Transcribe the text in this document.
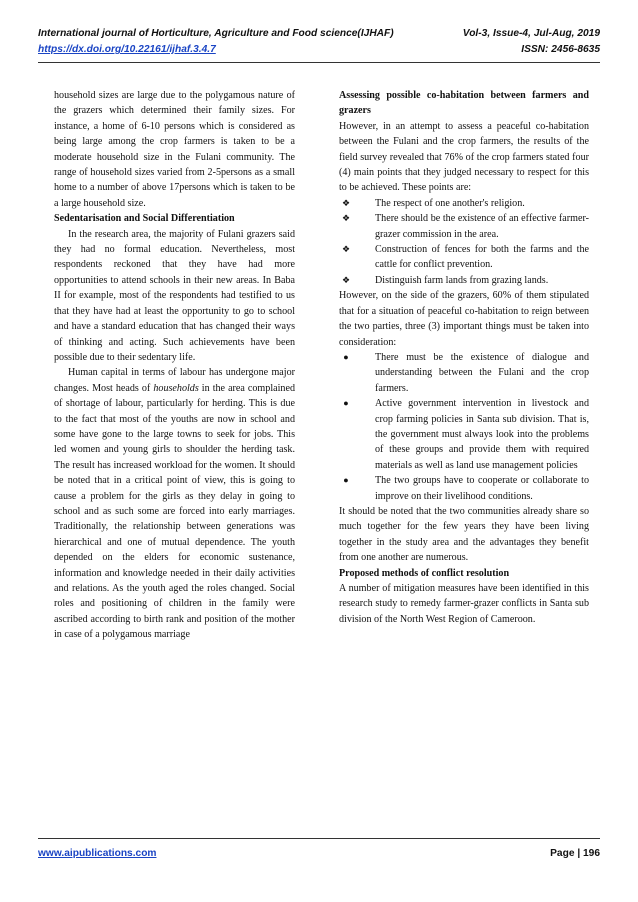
International journal of Horticulture, Agriculture and Food science(IJHAF)	Vol-3, Issue-4, Jul-Aug, 2019
https://dx.doi.org/10.22161/ijhaf.3.4.7	ISSN: 2456-8635

household sizes are large due to the polygamous nature of the grazers which determined their family sizes. For instance, a home of 6-10 persons which is considered as being large among the crop farmers is taken to be a moderate household size in the Fulani community. The range of household sizes varied from 2-5persons as a small home to a number of above 17persons which is taken to be a large household size.

Sedentarisation and Social Differentiation

In the research area, the majority of Fulani grazers said they had no formal education. Nevertheless, most respondents reckoned that they have had more opportunities to attend schools in their new areas. In Baba II for example, most of the respondents had testified to us that they have had at least the opportunity to go to school and have a standard education that has changed their ways of thinking and acting. Such achievements have been possible due to their sedentary life.

Human capital in terms of labour has undergone major changes. Most heads of households in the area complained of shortage of labour, particularly for herding. This is due to the fact that most of the youths are now in school and some have gone to the large towns to seek for jobs. This led women and young girls to shoulder the herding task. The result has increased workload for the women. It should be noted that in a critical point of view, this is going to cause a problem for the girls as they delay in going to school and as such some are forced into early marriages. Traditionally, the relationship between generations was hierarchical and one of mutual dependence. The youth depended on the elders for economic sustenance, information and knowledge needed in their daily activities and relations. As the youth aged the roles changed. Social roles and positioning of children in the family were ascribed according to birth rank and position of the mother in case of a polygamous marriage

Assessing possible co-habitation between farmers and grazers

However, in an attempt to assess a peaceful co-habitation between the Fulani and the crop farmers, the results of the field survey revealed that 76% of the crop farmers stated four (4) main points that they judged necessary to respect for this to be achieved. These points are:

❖ The respect of one another's religion.
❖ There should be the existence of an effective farmer-grazer commission in the area.
❖ Construction of fences for both the farms and the cattle for conflict prevention.
❖ Distinguish farm lands from grazing lands.

However, on the side of the grazers, 60% of them stipulated that for a situation of peaceful co-habitation to reign between the two parties, three (3) important things must be taken into consideration:

●	There must be the existence of dialogue and understanding between the Fulani and the crop farmers.
●	Active government intervention in livestock and crop farming policies in Santa sub division. That is, the government must always look into the problems of these groups and provide them with required materials as well as land use management policies
●	The two groups have to cooperate or collaborate to improve on their livelihood conditions.

It should be noted that the two communities already share so much together for the few years they have been living together in the study area and the advantages they benefit from one another are numerous.

Proposed methods of conflict resolution

A number of mitigation measures have been identified in this research study to remedy farmer-grazer conflicts in Santa sub division of the North West Region of Cameroon.

www.aipublications.com	Page | 196
